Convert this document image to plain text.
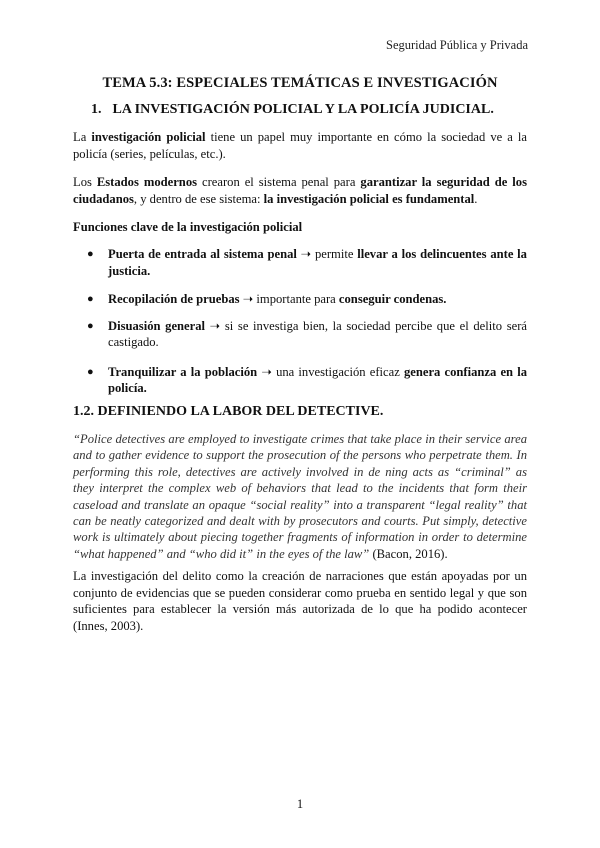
Seguridad Pública y Privada
TEMA 5.3: ESPECIALES TEMÁTICAS E INVESTIGACIÓN
1. LA INVESTIGACIÓN POLICIAL Y LA POLICÍA JUDICIAL.
La investigación policial tiene un papel muy importante en cómo la sociedad ve a la policía (series, películas, etc.).
Los Estados modernos crearon el sistema penal para garantizar la seguridad de los ciudadanos, y dentro de ese sistema: la investigación policial es fundamental.
Funciones clave de la investigación policial
● Puerta de entrada al sistema penal ➝ permite llevar a los delincuentes ante la justicia.
● Recopilación de pruebas ➝ importante para conseguir condenas.
● Disuasión general ➝ si se investiga bien, la sociedad percibe que el delito será castigado.
● Tranquilizar a la población ➝ una investigación eficaz genera confianza en la policía.
1.2. DEFINIENDO LA LABOR DEL DETECTIVE.
“Police detectives are employed to investigate crimes that take place in their service area and to gather evidence to support the prosecution of the persons who perpetrate them. In performing this role, detectives are actively involved in de ning acts as “criminal” as they interpret the complex web of behaviors that lead to the incidents that form their caseload and translate an opaque “social reality” into a transparent “legal reality” that can be neatly categorized and dealt with by prosecutors and courts. Put simply, detective work is ultimately about piecing together fragments of information in order to determine “what happened” and “who did it” in the eyes of the law” (Bacon, 2016).
La investigación del delito como la creación de narraciones que están apoyadas por un conjunto de evidencias que se pueden considerar como prueba en sentido legal y que son suficientes para establecer la versión más autorizada de lo que ha podido acontecer (Innes, 2003).
1
